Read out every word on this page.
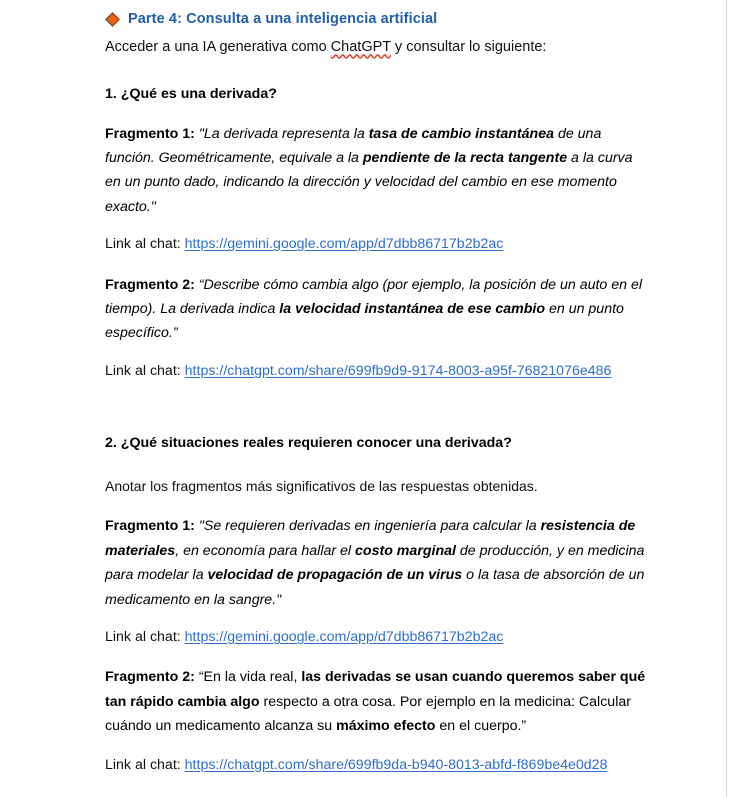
Parte 4: Consulta a una inteligencia artificial

Acceder a una IA generativa como ChatGPT y consultar lo siguiente:

1. ¿Qué es una derivada?

Fragmento 1: "La derivada representa la tasa de cambio instantánea de una función. Geométricamente, equivale a la pendiente de la recta tangente a la curva en un punto dado, indicando la dirección y velocidad del cambio en ese momento exacto."

Link al chat: https://gemini.google.com/app/d7dbb86717b2b2ac

Fragmento 2: “Describe cómo cambia algo (por ejemplo, la posición de un auto en el tiempo). La derivada indica la velocidad instantánea de ese cambio en un punto específico.”

Link al chat: https://chatgpt.com/share/699fb9d9-9174-8003-a95f-76821076e486

2. ¿Qué situaciones reales requieren conocer una derivada?

Anotar los fragmentos más significativos de las respuestas obtenidas.

Fragmento 1: "Se requieren derivadas en ingeniería para calcular la resistencia de materiales, en economía para hallar el costo marginal de producción, y en medicina para modelar la velocidad de propagación de un virus o la tasa de absorción de un medicamento en la sangre."

Link al chat: https://gemini.google.com/app/d7dbb86717b2b2ac

Fragmento 2: “En la vida real, las derivadas se usan cuando queremos saber qué tan rápido cambia algo respecto a otra cosa. Por ejemplo en la medicina: Calcular cuándo un medicamento alcanza su máximo efecto en el cuerpo.”

Link al chat: https://chatgpt.com/share/699fb9da-b940-8013-abfd-f869be4e0d28
